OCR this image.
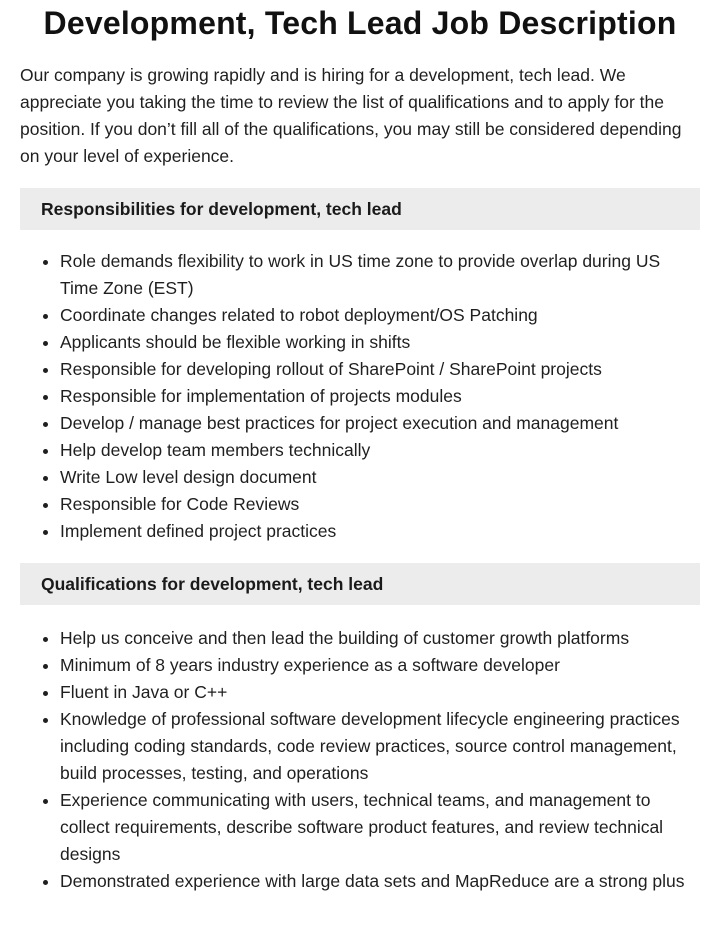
Development, Tech Lead Job Description

Our company is growing rapidly and is hiring for a development, tech lead. We appreciate you taking the time to review the list of qualifications and to apply for the position. If you don’t fill all of the qualifications, you may still be considered depending on your level of experience.

Responsibilities for development, tech lead
Role demands flexibility to work in US time zone to provide overlap during US Time Zone (EST)
Coordinate changes related to robot deployment/OS Patching
Applicants should be flexible working in shifts
Responsible for developing rollout of SharePoint / SharePoint projects
Responsible for implementation of projects modules
Develop / manage best practices for project execution and management
Help develop team members technically
Write Low level design document
Responsible for Code Reviews
Implement defined project practices
Qualifications for development, tech lead
Help us conceive and then lead the building of customer growth platforms
Minimum of 8 years industry experience as a software developer
Fluent in Java or C++
Knowledge of professional software development lifecycle engineering practices including coding standards, code review practices, source control management, build processes, testing, and operations
Experience communicating with users, technical teams, and management to collect requirements, describe software product features, and review technical designs
Demonstrated experience with large data sets and MapReduce are a strong plus
